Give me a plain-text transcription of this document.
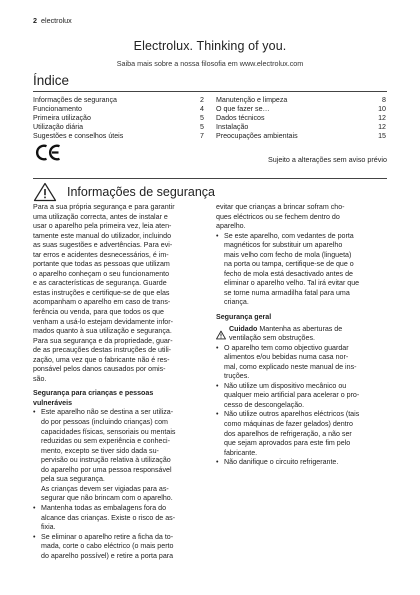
2 electrolux
Electrolux. Thinking of you.
Saiba mais sobre a nossa filosofia em www.electrolux.com
Índice
Informações de segurança	2
Funcionamento	4
Primeira utilização	5
Utilização diária	5
Sugestões e conselhos úteis	7
Manutenção e limpeza	8
O que fazer se…	10
Dados técnicos	12
Instalação	12
Preocupações ambientais	15
Sujeito a alterações sem aviso prévio
Informações de segurança

Para a sua própria segurança e para garantir
uma utilização correcta, antes de instalar e
usar o aparelho pela primeira vez, leia aten-
tamente este manual do utilizador, incluindo
as suas sugestões e advertências. Para evi-
tar erros e acidentes desnecessários, é im-
portante que todas as pessoas que utilizam
o aparelho conheçam o seu funcionamento
e as características de segurança. Guarde
estas instruções e certifique-se de que elas
acompanham o aparelho em caso de trans-
ferência ou venda, para que todos os que
venham a usá-lo estejam devidamente infor-
mados quanto à sua utilização e segurança.
Para sua segurança e da propriedade, guar-
de as precauções destas instruções de utili-
zação, uma vez que o fabricante não é res-
ponsável pelos danos causados por omis-
são.

Segurança para crianças e pessoas
vulneráveis

• Este aparelho não se destina a ser utiliza-
do por pessoas (incluindo crianças) com
capacidades físicas, sensoriais ou mentais
reduzidas ou sem experiência e conheci-
mento, excepto se tiver sido dada su-
pervisão ou instrução relativa à utilização
do aparelho por uma pessoa responsável
pela sua segurança.
As crianças devem ser vigiadas para as-
segurar que não brincam com o aparelho.
• Mantenha todas as embalagens fora do
alcance das crianças. Existe o risco de as-
fixia.
• Se eliminar o aparelho retire a ficha da to-
mada, corte o cabo eléctrico (o mais perto
do aparelho possível) e retire a porta para

evitar que crianças a brincar sofram cho-
ques eléctricos ou se fechem dentro do
aparelho.

• Se este aparelho, com vedantes de porta
magnéticos for substituir um aparelho
mais velho com fecho de mola (lingueta)
na porta ou tampa, certifique-se de que o
fecho de mola está desactivado antes de
eliminar o aparelho velho. Tal irá evitar que
se torne numa armadilha fatal para uma
criança.

Segurança geral

Cuidado Mantenha as aberturas de
ventilação sem obstruções.
• O aparelho tem como objectivo guardar
alimentos e/ou bebidas numa casa nor-
mal, como explicado neste manual de ins-
truções.
• Não utilize um dispositivo mecânico ou
qualquer meio artificial para acelerar o pro-
cesso de descongelação.
• Não utilize outros aparelhos eléctricos (tais
como máquinas de fazer gelados) dentro
dos aparelhos de refrigeração, a não ser
que sejam aprovados para este fim pelo
fabricante.
• Não danifique o circuito refrigerante.
